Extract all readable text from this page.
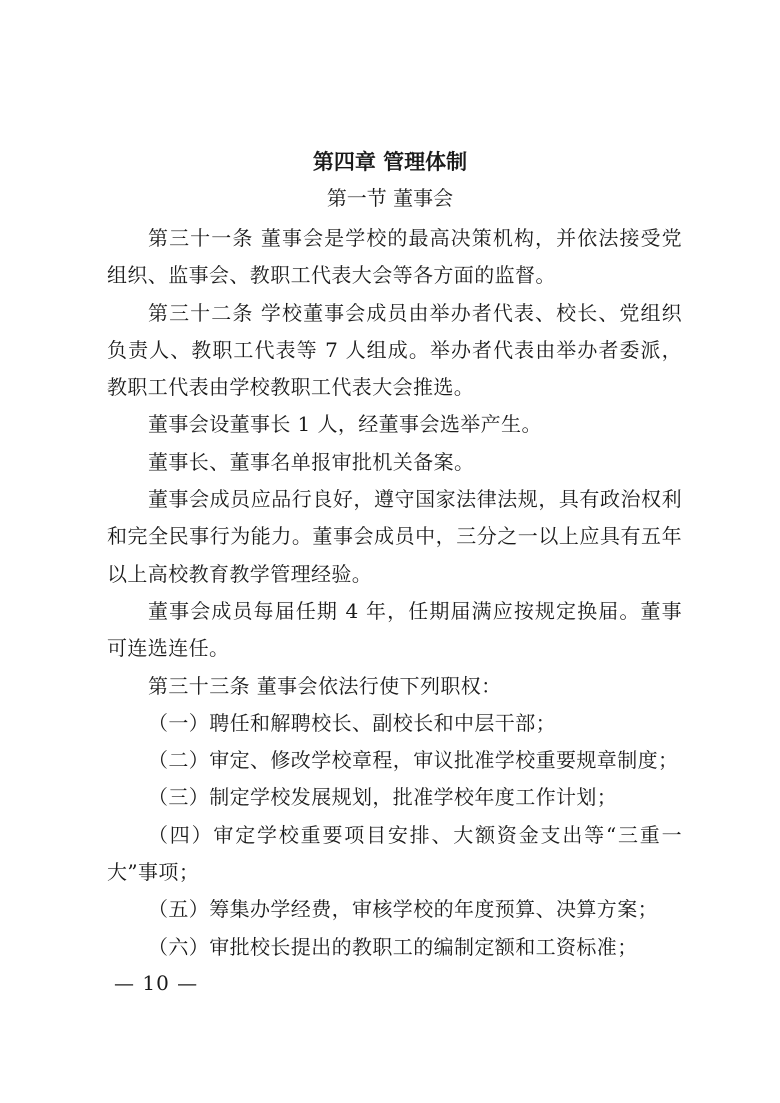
第四章 管理体制
第一节 董事会

第三十一条 董事会是学校的最高决策机构，并依法接受党组织、监事会、教职工代表大会等各方面的监督。

第三十二条 学校董事会成员由举办者代表、校长、党组织负责人、教职工代表等 7 人组成。举办者代表由举办者委派，教职工代表由学校教职工代表大会推选。

董事会设董事长 1 人，经董事会选举产生。

董事长、董事名单报审批机关备案。

董事会成员应品行良好，遵守国家法律法规，具有政治权利和完全民事行为能力。董事会成员中，三分之一以上应具有五年以上高校教育教学管理经验。

董事会成员每届任期 4 年，任期届满应按规定换届。董事可连选连任。

第三十三条 董事会依法行使下列职权：

（一）聘任和解聘校长、副校长和中层干部；

（二）审定、修改学校章程，审议批准学校重要规章制度；

（三）制定学校发展规划，批准学校年度工作计划；

（四）审定学校重要项目安排、大额资金支出等“三重一大”事项；

（五）筹集办学经费，审核学校的年度预算、决算方案；

（六）审批校长提出的教职工的编制定额和工资标准；

— 10 —
